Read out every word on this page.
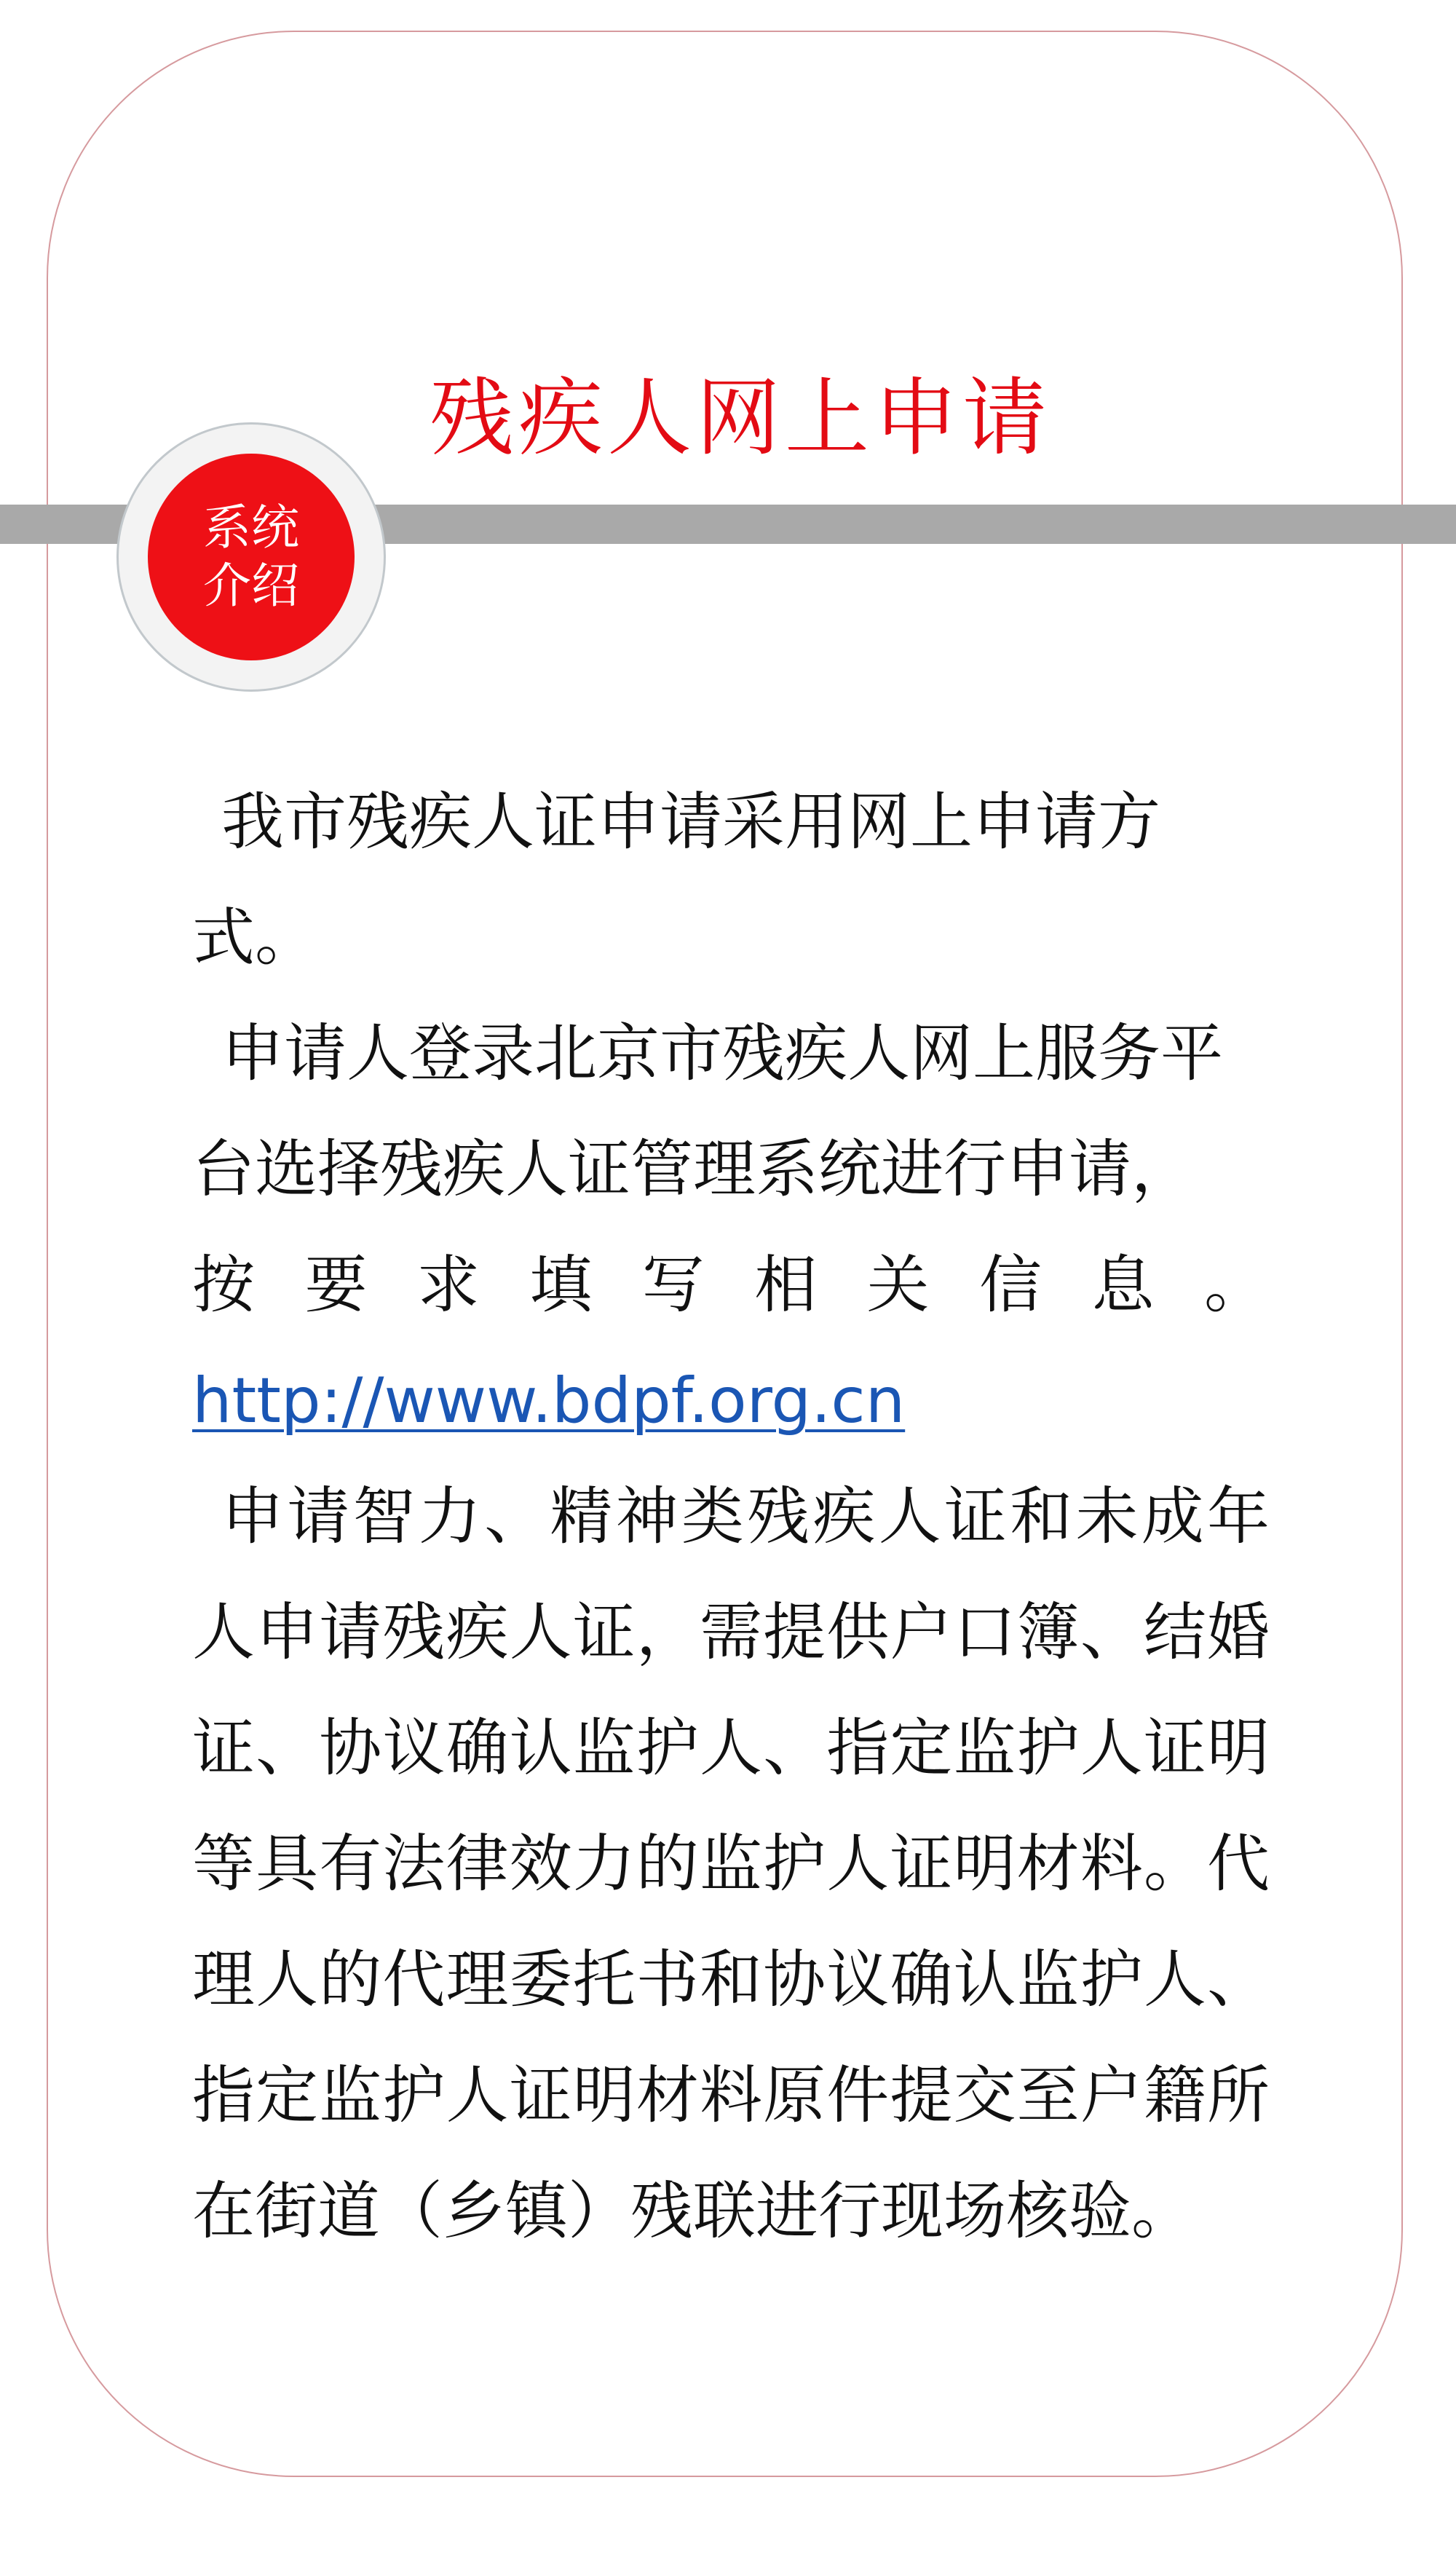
系统
介绍
残疾人网上申请

我市残疾人证申请采用网上申请方式。

申请人登录北京市残疾人网上服务平

台选择残疾人证管理系统进行申请，

按要求填写相关信息。

http://www.bdpf.org.cn

申请智力、精神类残疾人证和未成年人申请残疾人证，需提供户口簿、结婚证、协议确认监护人、指定监护人证明等具有法律效力的监护人证明材料。代理人的代理委托书和协议确认监护人、指定监护人证明材料原件提交至户籍所在街道（乡镇）残联进行现场核验。
